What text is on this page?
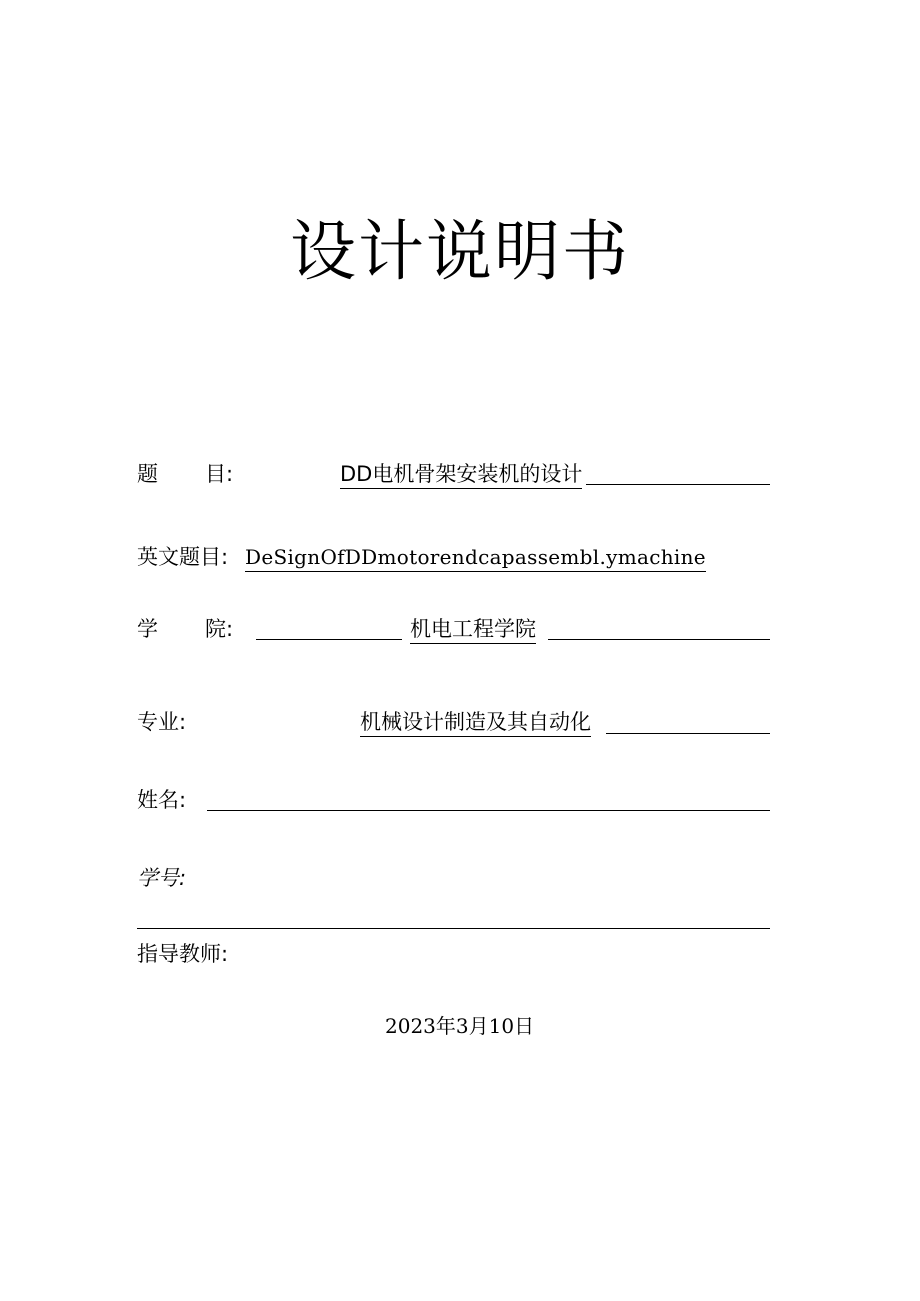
设计说明书
题 目:	DD电机骨架安装机的设计
英文题目: DeSignOfDDmotorendcapassembl.ymachine
学 院:	机电工程学院
专业:	机械设计制造及其自动化
姓名:
学号:
指导教师:
2023年3月10日
